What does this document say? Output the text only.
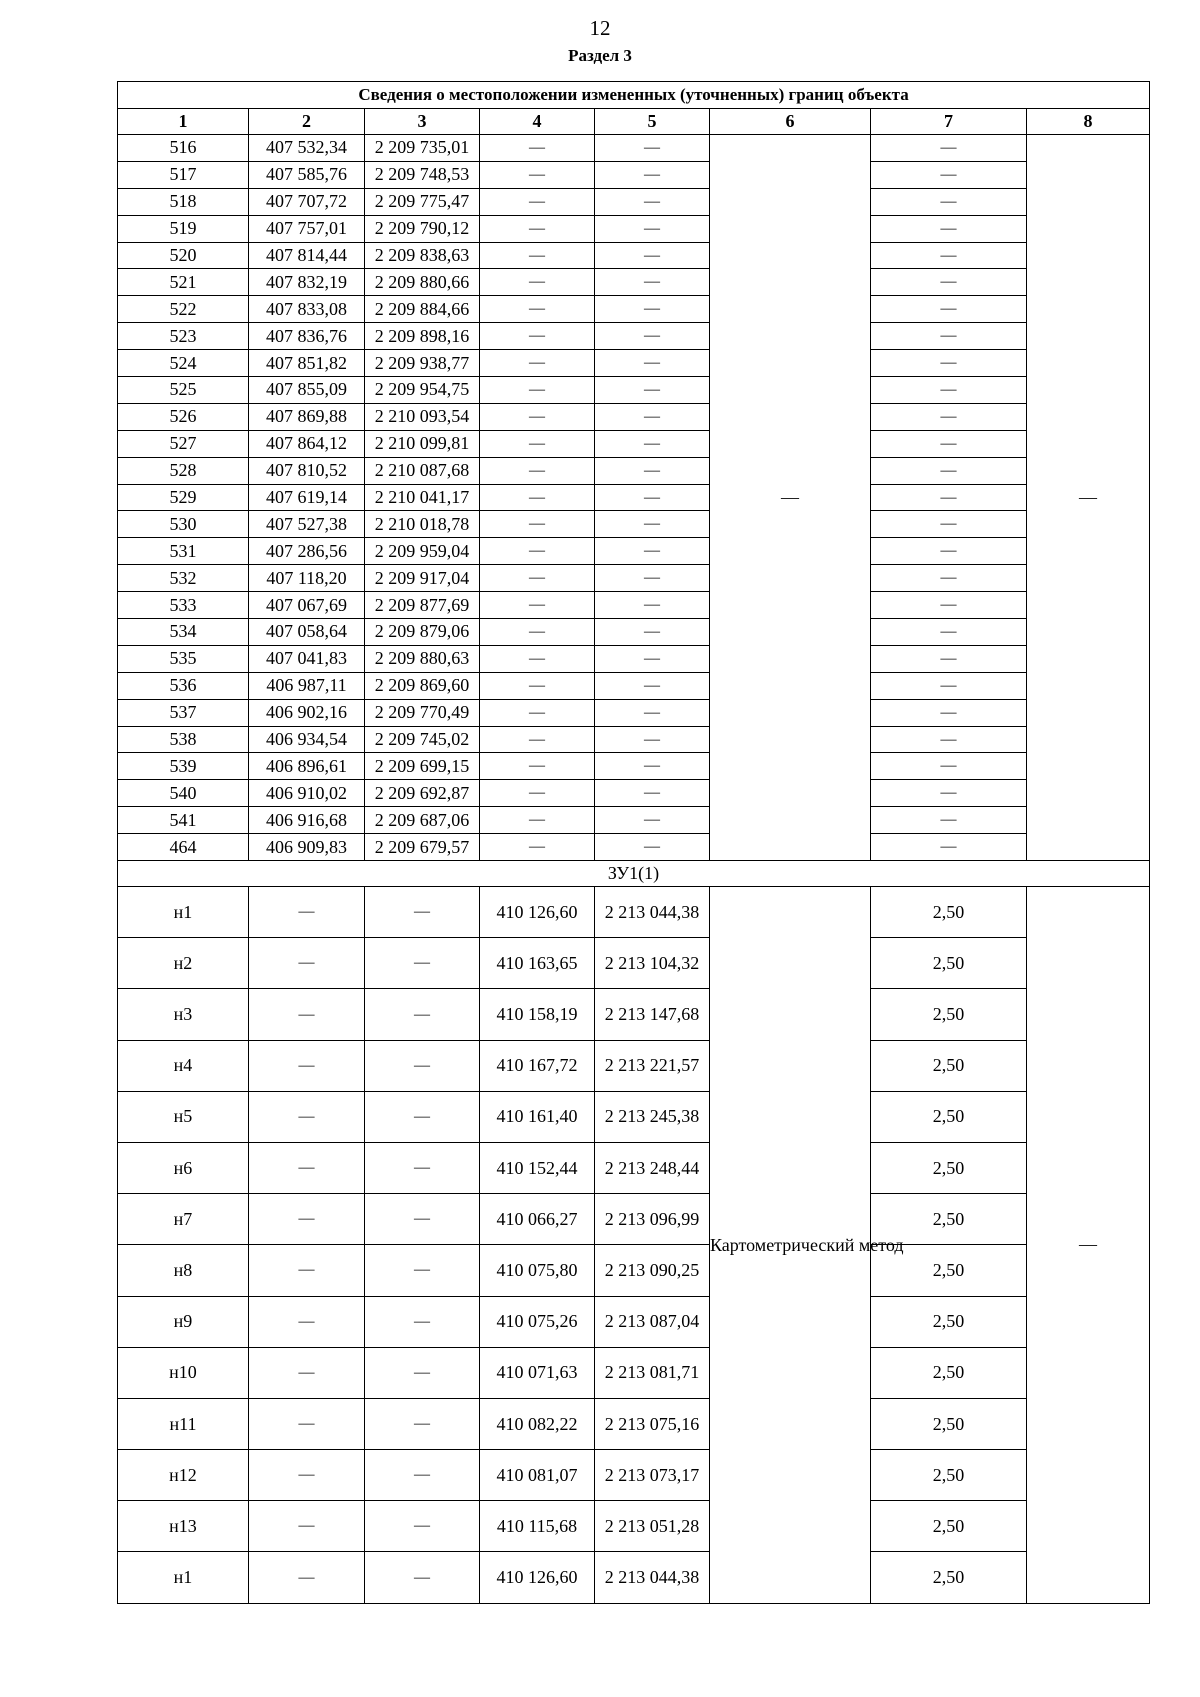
12
Раздел 3
Сведения о местоположении измененных (уточненных) границ объекта							
1	2	3	4	5	6	7	8
516	407 532,34	2 209 735,01	—	—	—	—	—
517	407 585,76	2 209 748,53	—	—		—	
518	407 707,72	2 209 775,47	—	—		—	
519	407 757,01	2 209 790,12	—	—		—	
520	407 814,44	2 209 838,63	—	—		—	
521	407 832,19	2 209 880,66	—	—		—	
522	407 833,08	2 209 884,66	—	—		—	
523	407 836,76	2 209 898,16	—	—		—	
524	407 851,82	2 209 938,77	—	—		—	
525	407 855,09	2 209 954,75	—	—		—	
526	407 869,88	2 210 093,54	—	—		—	
527	407 864,12	2 210 099,81	—	—		—	
528	407 810,52	2 210 087,68	—	—		—	
529	407 619,14	2 210 041,17	—	—		—	
530	407 527,38	2 210 018,78	—	—		—	
531	407 286,56	2 209 959,04	—	—		—	
532	407 118,20	2 209 917,04	—	—		—	
533	407 067,69	2 209 877,69	—	—		—	
534	407 058,64	2 209 879,06	—	—		—	
535	407 041,83	2 209 880,63	—	—		—	
536	406 987,11	2 209 869,60	—	—		—	
537	406 902,16	2 209 770,49	—	—		—	
538	406 934,54	2 209 745,02	—	—		—	
539	406 896,61	2 209 699,15	—	—		—	
540	406 910,02	2 209 692,87	—	—		—	
541	406 916,68	2 209 687,06	—	—		—	
464	406 909,83	2 209 679,57	—	—		—	
ЗУ1(1)							
н1	—	—	410 126,60	2 213 044,38	Картометрический метод	2,50	—
н2	—	—	410 163,65	2 213 104,32		2,50	
н3	—	—	410 158,19	2 213 147,68		2,50	
н4	—	—	410 167,72	2 213 221,57		2,50	
н5	—	—	410 161,40	2 213 245,38		2,50	
н6	—	—	410 152,44	2 213 248,44		2,50	
н7	—	—	410 066,27	2 213 096,99		2,50	
н8	—	—	410 075,80	2 213 090,25		2,50	
н9	—	—	410 075,26	2 213 087,04		2,50	
н10	—	—	410 071,63	2 213 081,71		2,50	
н11	—	—	410 082,22	2 213 075,16		2,50	
н12	—	—	410 081,07	2 213 073,17		2,50	
н13	—	—	410 115,68	2 213 051,28		2,50	
н1	—	—	410 126,60	2 213 044,38		2,50	
